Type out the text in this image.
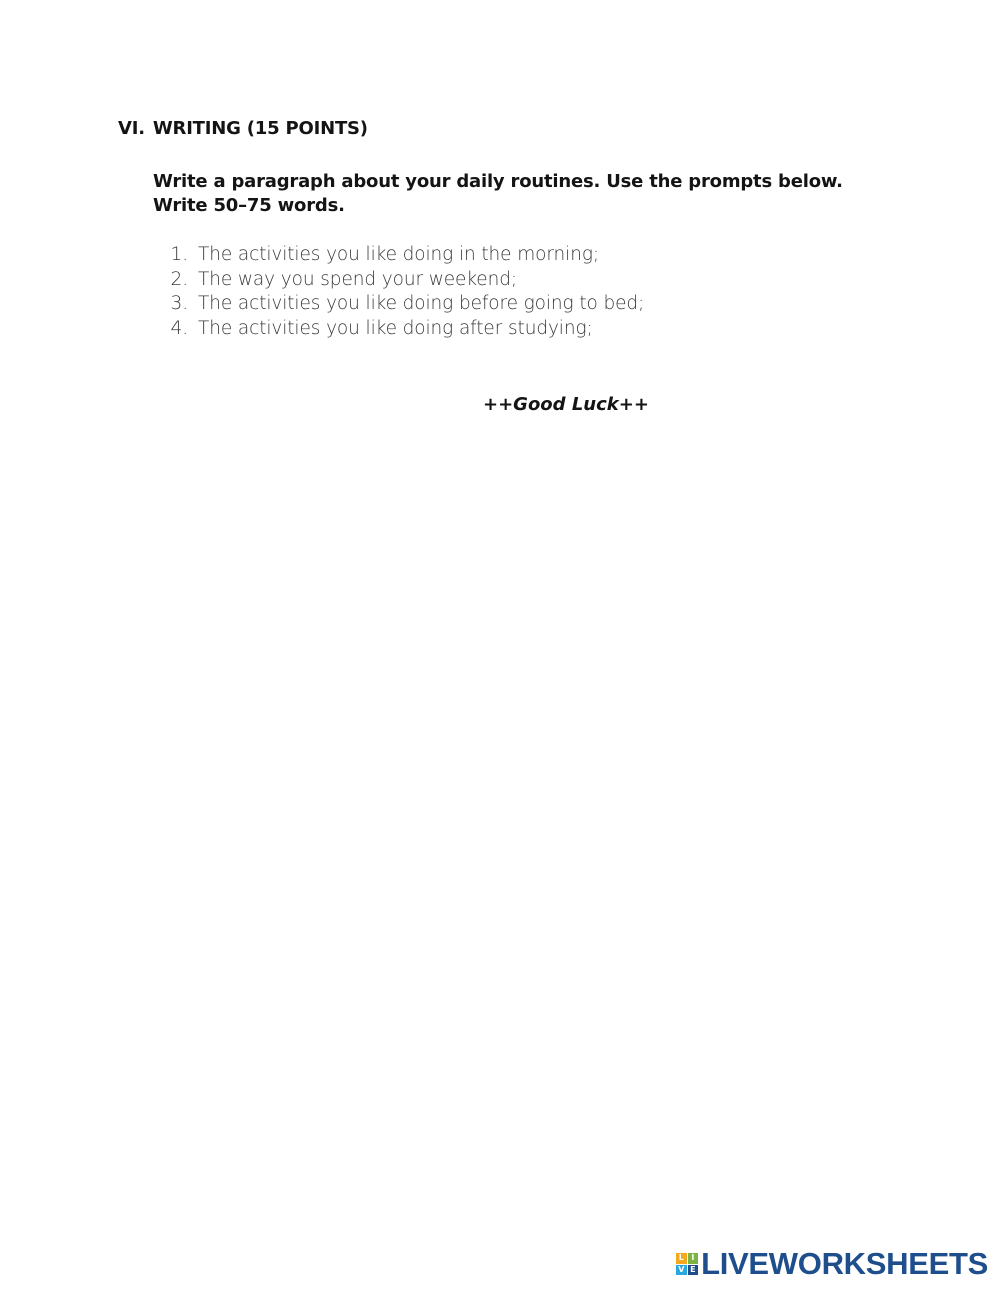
VI. WRITING (15 POINTS)

Write a paragraph about your daily routines. Use the prompts below. Write 50–75 words.

1. The activities you like doing in the morning;
2. The way you spend your weekend;
3. The activities you like doing before going to bed;
4. The activities you like doing after studying;

++Good Luck++

L I
V E LIVEWORKSHEETS
